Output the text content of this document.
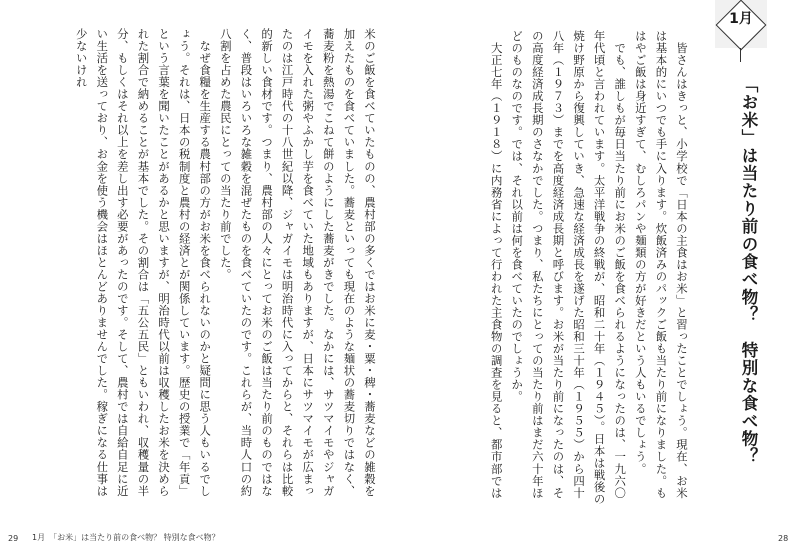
米のご飯を食べていたものの、農村部の多くではお米に麦・粟・稗・蕎麦などの雑穀を加えたものを食べていました。蕎麦といっても現在のような麺状の蕎麦切りではなく、蕎麦粉を熱湯でこねて餅のようにした蕎麦がきでした。なかには、サツマイモやジャガイモを入れた粥やふかし芋を食べていた地域もありますが、日本にサツマイモが広まったのは江戸時代の十八世紀以降、ジャガイモは明治時代に入ってからと、それらは比較的新しい食材です。つまり、農村部の人々にとってお米のご飯は当たり前のものではなく、普段はいろいろな雑穀を混ぜたものを食べていたのです。これらが、当時人口の約八割を占めた農民にとっての当たり前でした。
　なぜ食糧を生産する農村部の方がお米を食べられないのかと疑問に思う人もいるでしょう。それは、日本の税制度と農村の経済とが関係しています。歴史の授業で「年貢」という言葉を聞いたことがあるかと思いますが、明治時代以前は収穫したお米を決められた割合で納めることが基本でした。その割合は「五公五民」ともいわれ、収穫量の半分、もしくはそれ以上を差し出す必要があったのです。そして、農村では自給自足に近い生活を送っており、お金を使う機会はほとんどありませんでした。稼ぎになる仕事は少ないけれ
1月
「お米」は当たり前の食べ物？　特別な食べ物？
　皆さんはきっと、小学校で「日本の主食はお米」と習ったことでしょう。現在、お米は基本的にいつでも手に入ります。炊飯済みのパックご飯も当たり前になりました。もはやご飯は身近すぎて、むしろパンや麺類の方が好きだという人もいるでしょう。
　でも、誰しもが毎日当たり前にお米のご飯を食べられるようになったのは、一九六〇年代頃と言われています。太平洋戦争の終戦が、昭和二十年（１９４５）。日本は戦後の焼け野原から復興していき、急速な経済成長を遂げた昭和三十年（１９５５）から四十八年（１９７３）までを高度経済成長期と呼びます。お米が当たり前になったのは、その高度経済成長期のさなかでした。つまり、私たちにとっての当たり前はまだ六十年ほどのものなのです。では、それ以前は何を食べていたのでしょうか。
　大正七年（１９１８）に内務省によって行われた主食物の調査を見ると、都市部では
29 1月　「お米」は当たり前の食べ物？ 特別な食べ物？	28
